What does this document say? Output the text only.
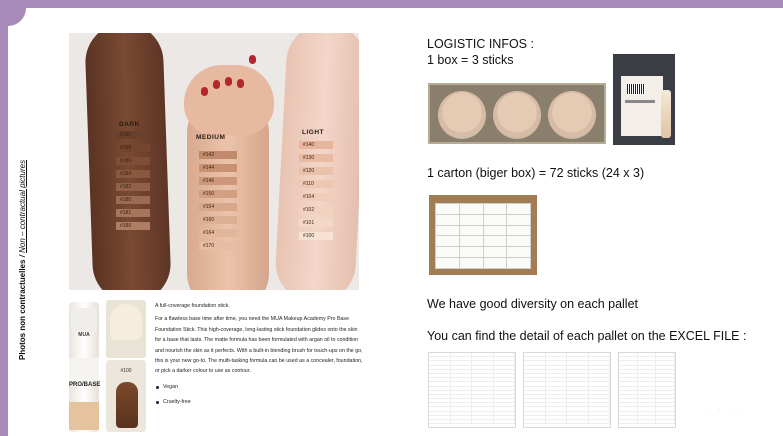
Photos non contractuelles / Non – contractual pictures
DARK
MEDIUM
LIGHT
#190
#188
#186
#184
#182
#180
#181
#180
#142
#144
#146
#150
#154
#160
#164
#170
#140
#130
#120
#110
#104
#102
#101
#100
MUA
PRO/BASE
#100

A full-coverage foundation stick.

For a flawless base time after time, you need the MUA Makeup Academy Pro Base Foundation Stick. This high-coverage, long-lasting stick foundation glides onto the skin for a base that lasts. The matte formula has been formulated with argan oil to condition and nourish the skin as it perfects. With a built-in blending brush for touch-ups on the go, this is your new go-to. The multi-tasking formula can be used as a concealer, foundation, or pick a darker colour to use as contour.

Vegan
Cruelty-free
LOGISTIC INFOS :
1 box = 3 sticks
1 carton (biger box) = 72 sticks (24 x 3)
We have good diversity on each pallet
You can find the detail of each pallet on the EXCEL FILE :
· · · ·
